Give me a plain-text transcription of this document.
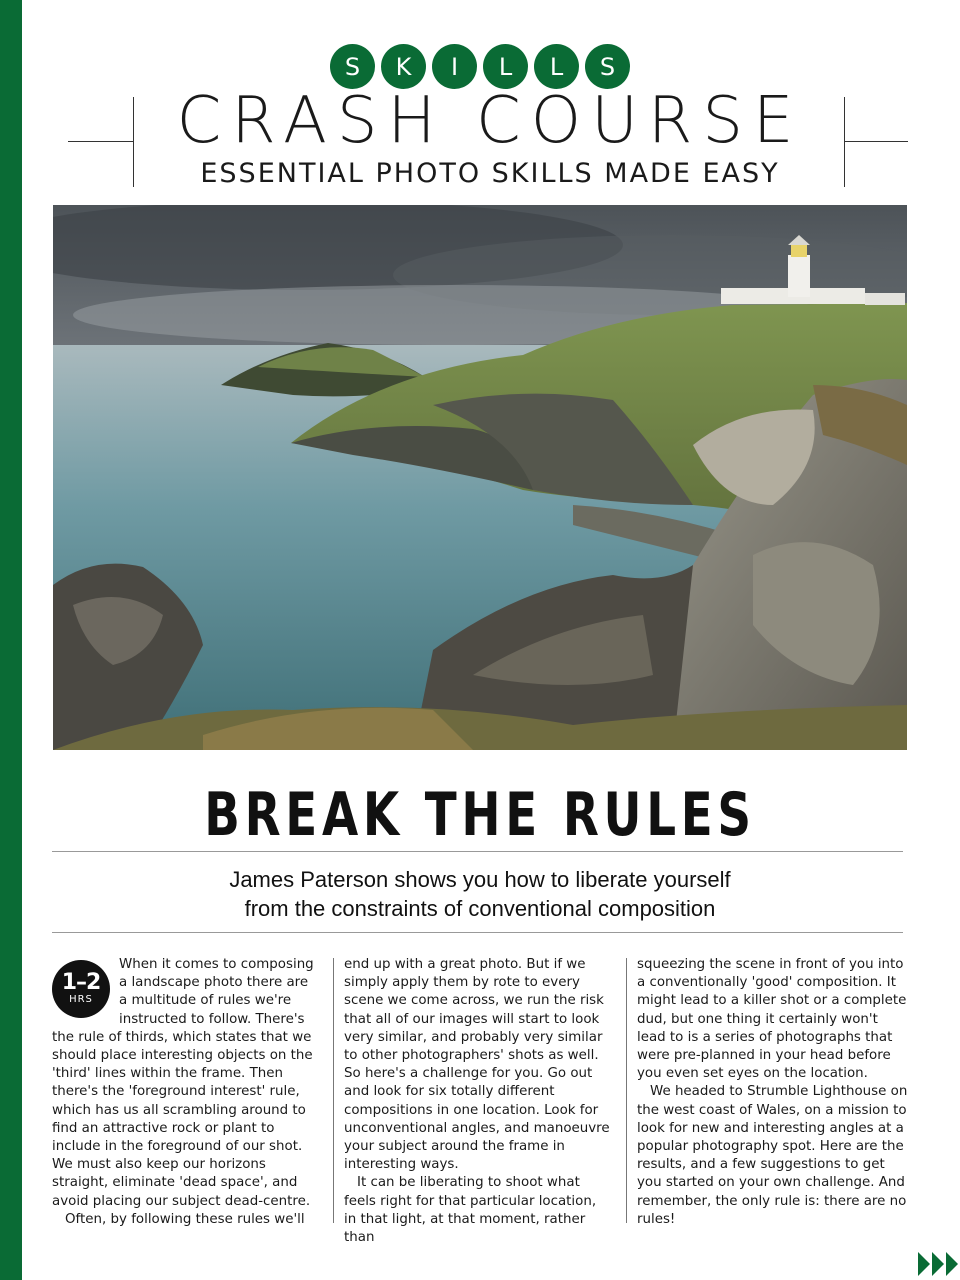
S	K	I	L	L	S
CRASH COURSE
ESSENTIAL PHOTO SKILLS MADE EASY
BREAK THE RULES
James Paterson shows you how to liberate yourself
from the constraints of conventional composition

1–2
HRS
When it comes to composing a landscape photo there are a multitude of rules we're instructed to follow. There's the rule of thirds, which states that we should place interesting objects on the 'third' lines within the frame. Then there's the 'foreground interest' rule, which has us all scrambling around to find an attractive rock or plant to include in the foreground of our shot. We must also keep our horizons straight, eliminate 'dead space', and avoid placing our subject dead-centre.

Often, by following these rules we'll

end up with a great photo. But if we simply apply them by rote to every scene we come across, we run the risk that all of our images will start to look very similar, and probably very similar to other photographers' shots as well. So here's a challenge for you. Go out and look for six totally different compositions in one location. Look for unconventional angles, and manoeuvre your subject around the frame in interesting ways.

It can be liberating to shoot what feels right for that particular location, in that light, at that moment, rather than

squeezing the scene in front of you into a conventionally 'good' composition. It might lead to a killer shot or a complete dud, but one thing it certainly won't lead to is a series of photographs that were pre-planned in your head before you even set eyes on the location.

We headed to Strumble Lighthouse on the west coast of Wales, on a mission to look for new and interesting angles at a popular photography spot. Here are the results, and a few suggestions to get you started on your own challenge. And remember, the only rule is: there are no rules!
